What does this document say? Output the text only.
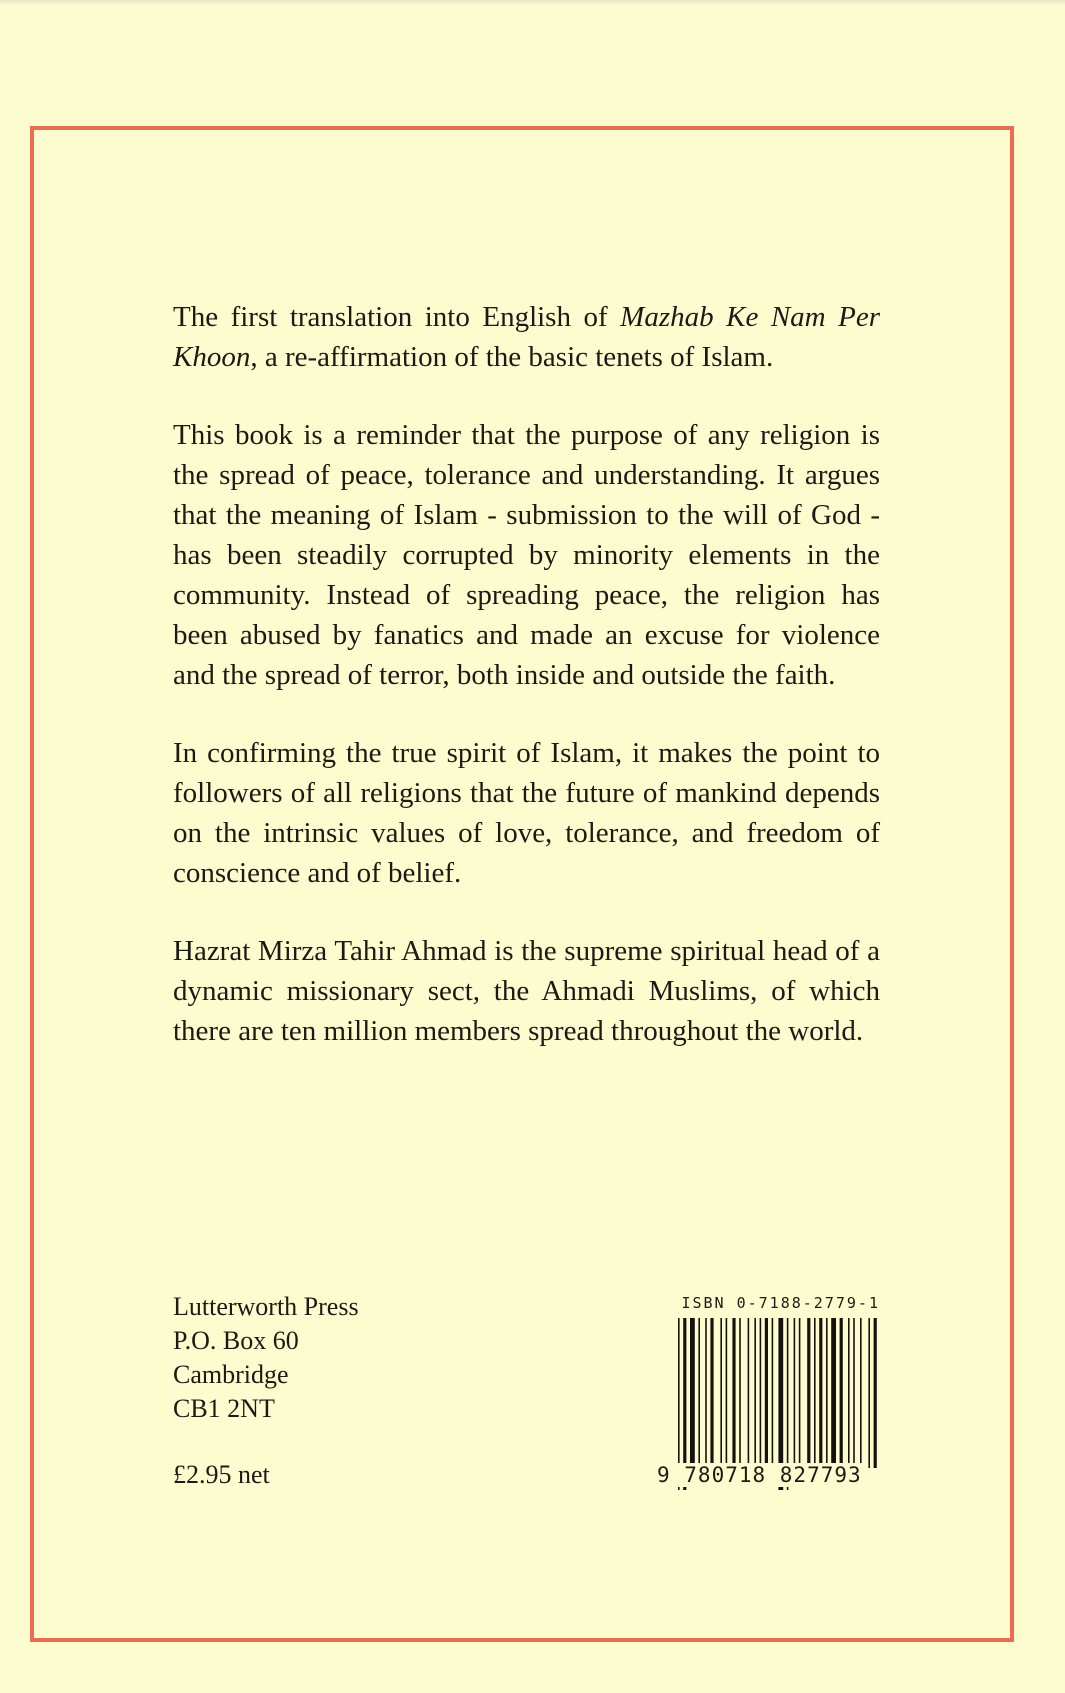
The first translation into English of Mazhab Ke Nam Per Khoon, a re-affirmation of the basic tenets of Islam.

This book is a reminder that the purpose of any religion is the spread of peace, tolerance and understanding. It argues that the meaning of Islam - submission to the will of God - has been steadily corrupted by minority elements in the community. Instead of spreading peace, the religion has been abused by fanatics and made an excuse for violence and the spread of terror, both inside and outside the faith.

In confirming the true spirit of Islam, it makes the point to followers of all religions that the future of mankind depends on the intrinsic values of love, tolerance, and freedom of conscience and of belief.

Hazrat Mirza Tahir Ahmad is the supreme spiritual head of a dynamic missionary sect, the Ahmadi Muslims, of which there are ten million members spread throughout the world.

Lutterworth Press
P.O. Box 60
Cambridge
CB1 2NT
£2.95 net
ISBN 0-7188-2779-1
9 780718 827793
